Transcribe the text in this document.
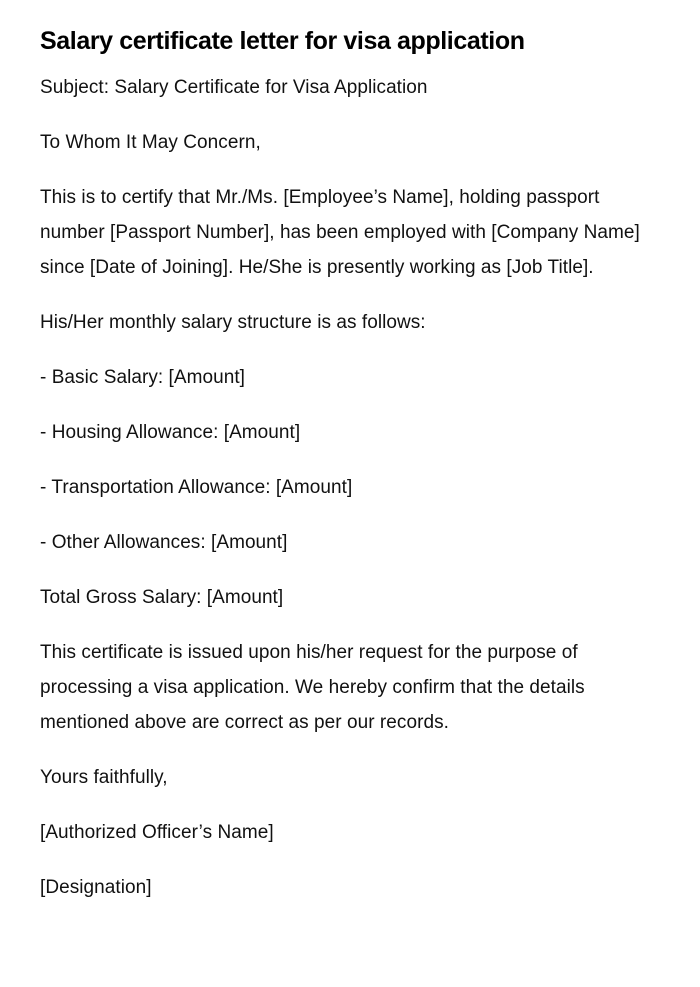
Salary certificate letter for visa application

Subject: Salary Certificate for Visa Application

To Whom It May Concern,

This is to certify that Mr./Ms. [Employee’s Name], holding passport number [Passport Number], has been employed with [Company Name] since [Date of Joining]. He/She is presently working as [Job Title].

His/Her monthly salary structure is as follows:

- Basic Salary: [Amount]

- Housing Allowance: [Amount]

- Transportation Allowance: [Amount]

- Other Allowances: [Amount]

Total Gross Salary: [Amount]

This certificate is issued upon his/her request for the purpose of processing a visa application. We hereby confirm that the details mentioned above are correct as per our records.

Yours faithfully,

[Authorized Officer’s Name]

[Designation]
